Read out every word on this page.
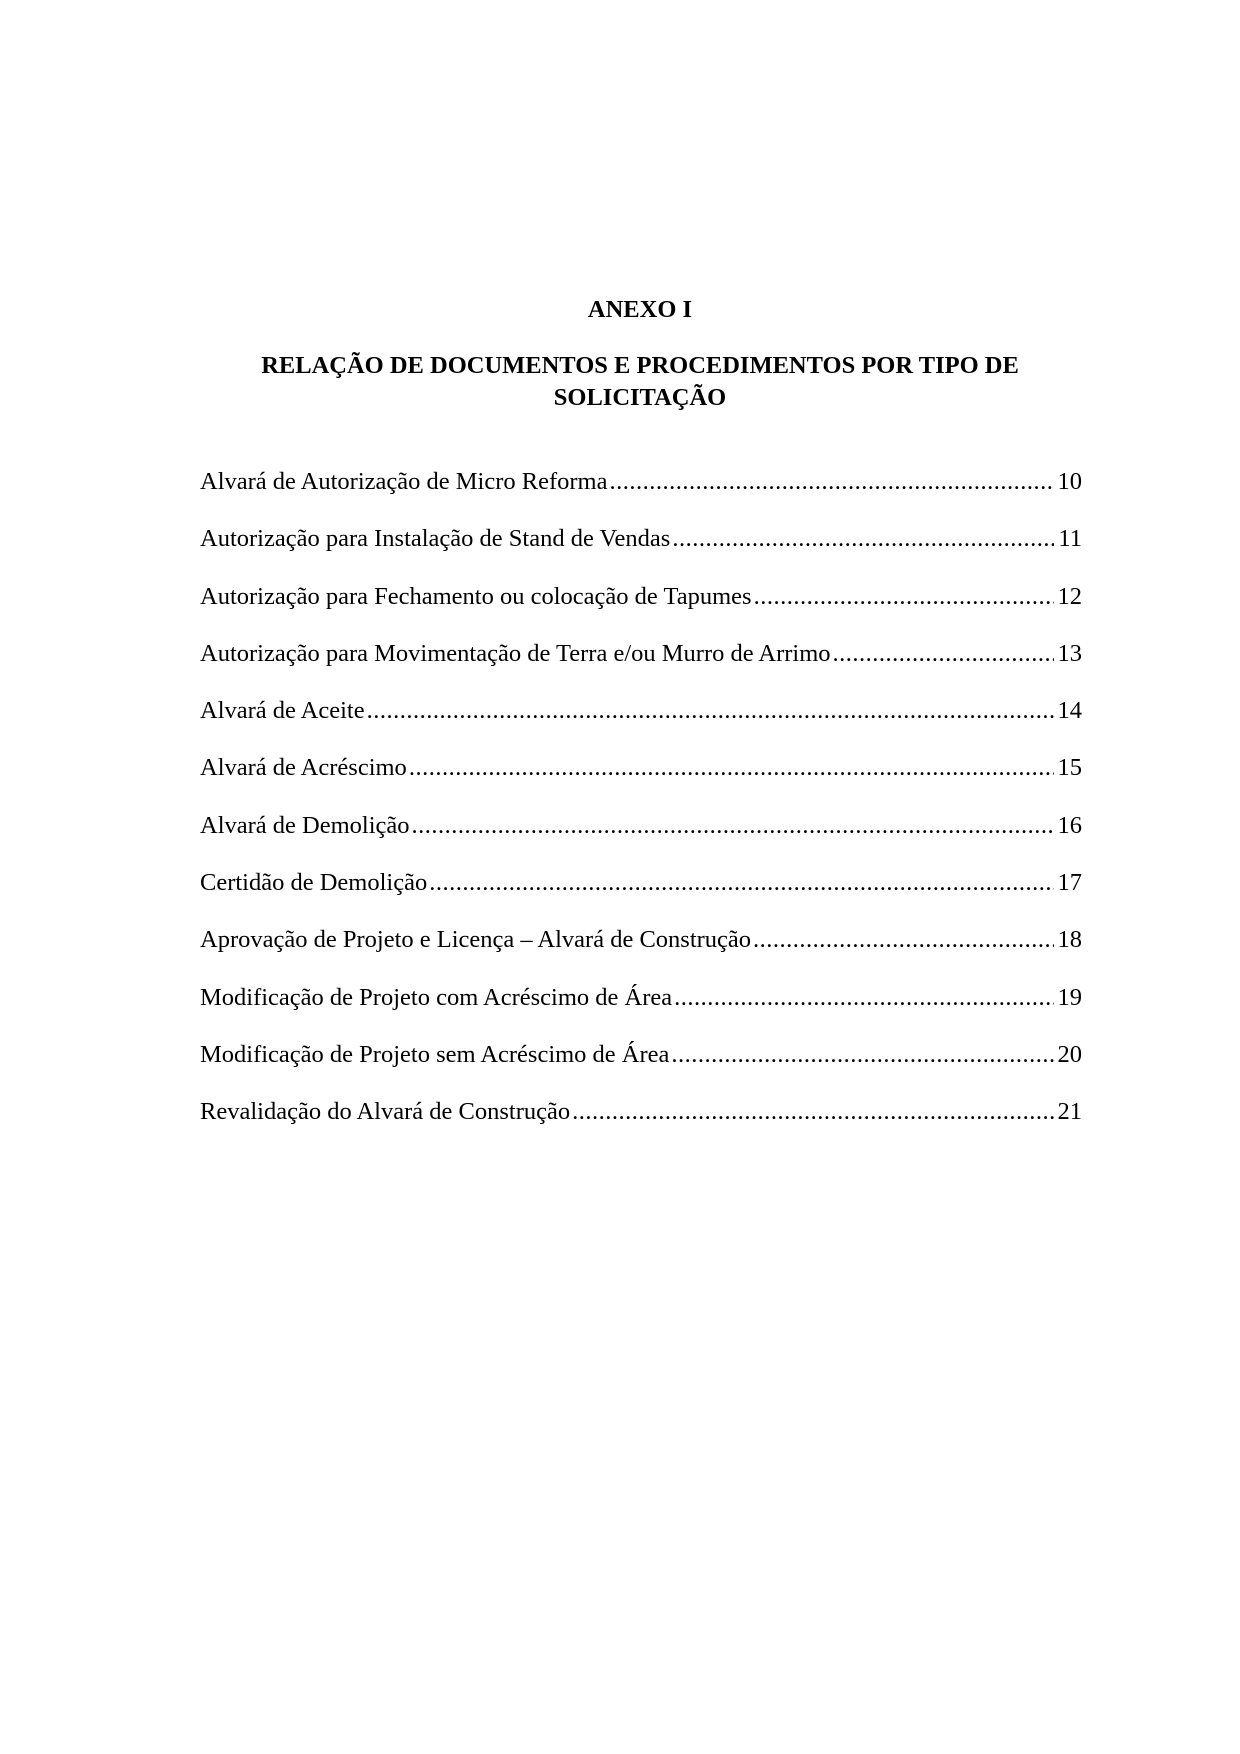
ANEXO I
RELAÇÃO DE DOCUMENTOS E PROCEDIMENTOS POR TIPO DE
SOLICITAÇÃO
Alvará de Autorização de Micro Reforma .....	10
Autorização para Instalação de Stand de Vendas .....	11
Autorização para Fechamento ou colocação de Tapumes .....	12
Autorização para Movimentação de Terra e/ou Murro de Arrimo .....	13
Alvará de Aceite .....	14
Alvará de Acréscimo .....	15
Alvará de Demolição .....	16
Certidão de Demolição .....	17
Aprovação de Projeto e Licença – Alvará de Construção .....	18
Modificação de Projeto com Acréscimo de Área .....	19
Modificação de Projeto sem Acréscimo de Área .....	20
Revalidação do Alvará de Construção .....	21
